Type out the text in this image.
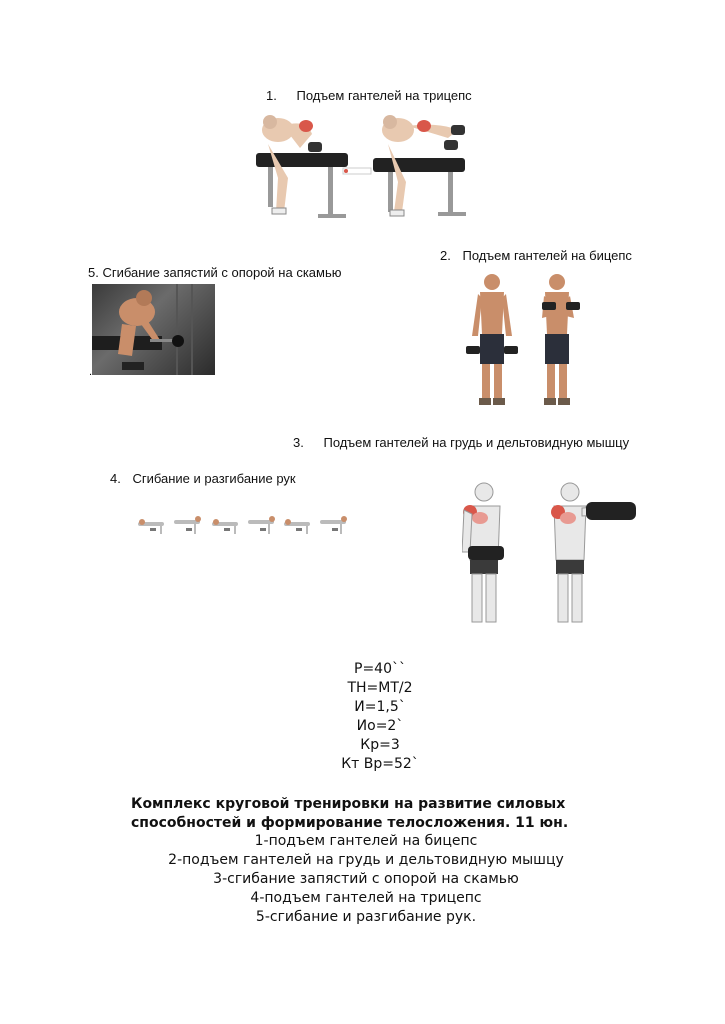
1. Подъем гантелей на трицепс
2. Подъем гантелей на бицепс
5. Сгибание запястий с опорой на скамью
.
3. Подъем гантелей на грудь и дельтовидную мышцу
4. Сгибание и разгибание рук
Р=40``
ТН=МТ/2
И=1,5`
Ио=2`
Кр=3
Кт Вр=52`
Комплекс круговой тренировки на развитие силовых способностей и формирование телосложения. 11 юн.
1-подъем гантелей на бицепс
2-подъем гантелей на грудь и дельтовидную мышцу
3-сгибание запястий с опорой на скамью
4-подъем гантелей на трицепс
5-сгибание и разгибание рук.
